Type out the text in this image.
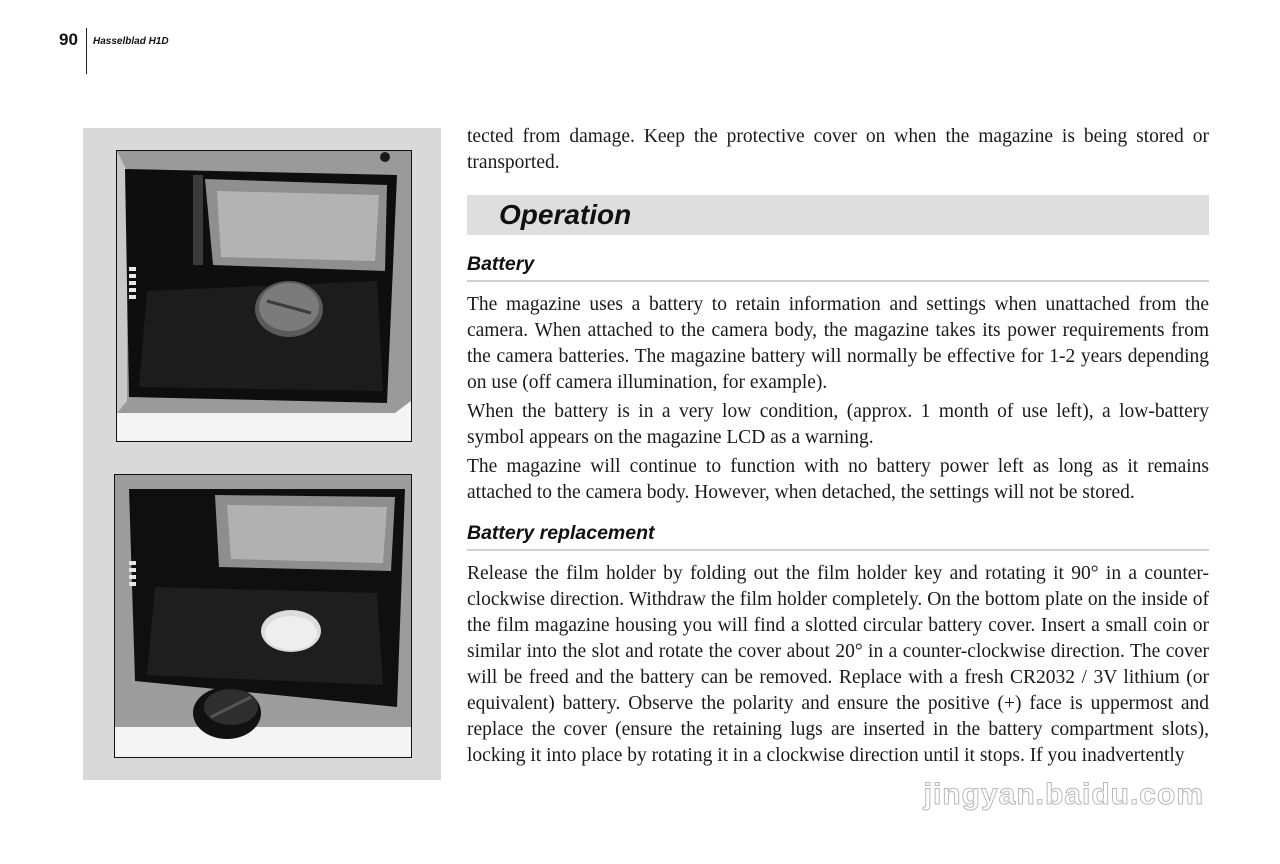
90 Hasselblad H1D

tected from damage. Keep the protective cover on when the magazine is being stored or transported.

Operation
Battery

The magazine uses a battery to retain information and settings when unattached from the camera. When attached to the camera body, the magazine takes its power requirements from the camera batteries. The magazine battery will normally be effective for 1-2 years depending on use (off camera illumination, for example).

When the battery is in a very low condition, (approx. 1 month of use left), a low-battery symbol appears on the magazine LCD as a warning.

The magazine will continue to function with no battery power left as long as it remains attached to the camera body. However, when detached, the settings will not be stored.

Battery replacement

Release the film holder by folding out the film holder key and rotating it 90° in a counter-clockwise direction. Withdraw the film holder completely. On the bottom plate on the inside of the film magazine housing you will find a slotted circular battery cover. Insert a small coin or similar into the slot and rotate the cover about 20° in a counter-clockwise direction. The cover will be freed and the battery can be removed. Replace with a fresh CR2032 / 3V lithium (or equivalent) battery. Observe the polarity and ensure the positive (+) face is uppermost and replace the cover (ensure the retaining lugs are inserted in the battery compartment slots), locking it into place by rotating it in a clockwise direction until it stops. If you inadvertently

jingyan.baidu.com
